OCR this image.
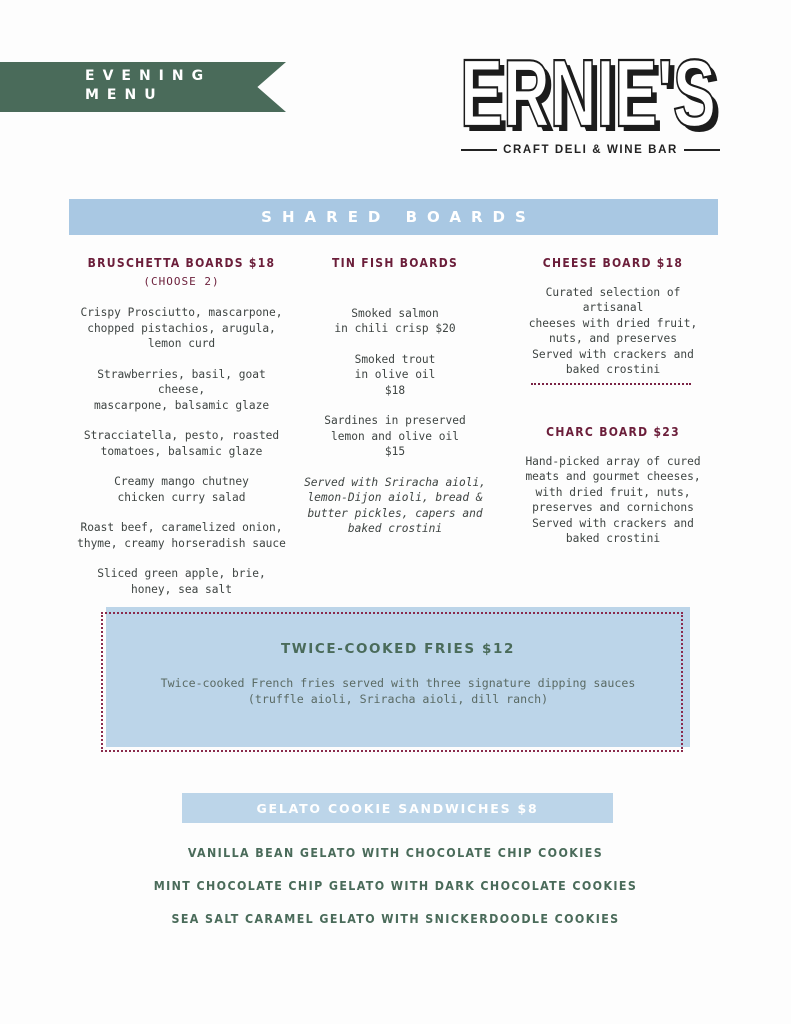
EVENING
MENU	ERNIE'S
ERNIE'S
CRAFT DELI & WINE BAR
SHARED BOARDS
BRUSCHETTA BOARDS $18
(CHOOSE 2)
Crispy Prosciutto, mascarpone,
chopped pistachios, arugula,
lemon curd
Strawberries, basil, goat cheese,
mascarpone, balsamic glaze
Stracciatella, pesto, roasted
tomatoes, balsamic glaze
Creamy mango chutney
chicken curry salad
Roast beef, caramelized onion,
thyme, creamy horseradish sauce
Sliced green apple, brie,
honey, sea salt
TIN FISH BOARDS
Smoked salmon
in chili crisp $20
Smoked trout
in olive oil
$18
Sardines in preserved
lemon and olive oil
$15
Served with Sriracha aioli,
lemon-Dijon aioli, bread &
butter pickles, capers and
baked crostini
CHEESE BOARD $18
Curated selection of artisanal
cheeses with dried fruit,
nuts, and preserves
Served with crackers and
baked crostini
CHARC BOARD $23
Hand-picked array of cured
meats and gourmet cheeses,
with dried fruit, nuts,
preserves and cornichons
Served with crackers and
baked crostini
TWICE-COOKED FRIES $12
Twice-cooked French fries served with three signature dipping sauces
(truffle aioli, Sriracha aioli, dill ranch)
GELATO COOKIE SANDWICHES $8
VANILLA BEAN GELATO WITH CHOCOLATE CHIP COOKIES
MINT CHOCOLATE CHIP GELATO WITH DARK CHOCOLATE COOKIES
SEA SALT CARAMEL GELATO WITH SNICKERDOODLE COOKIES
